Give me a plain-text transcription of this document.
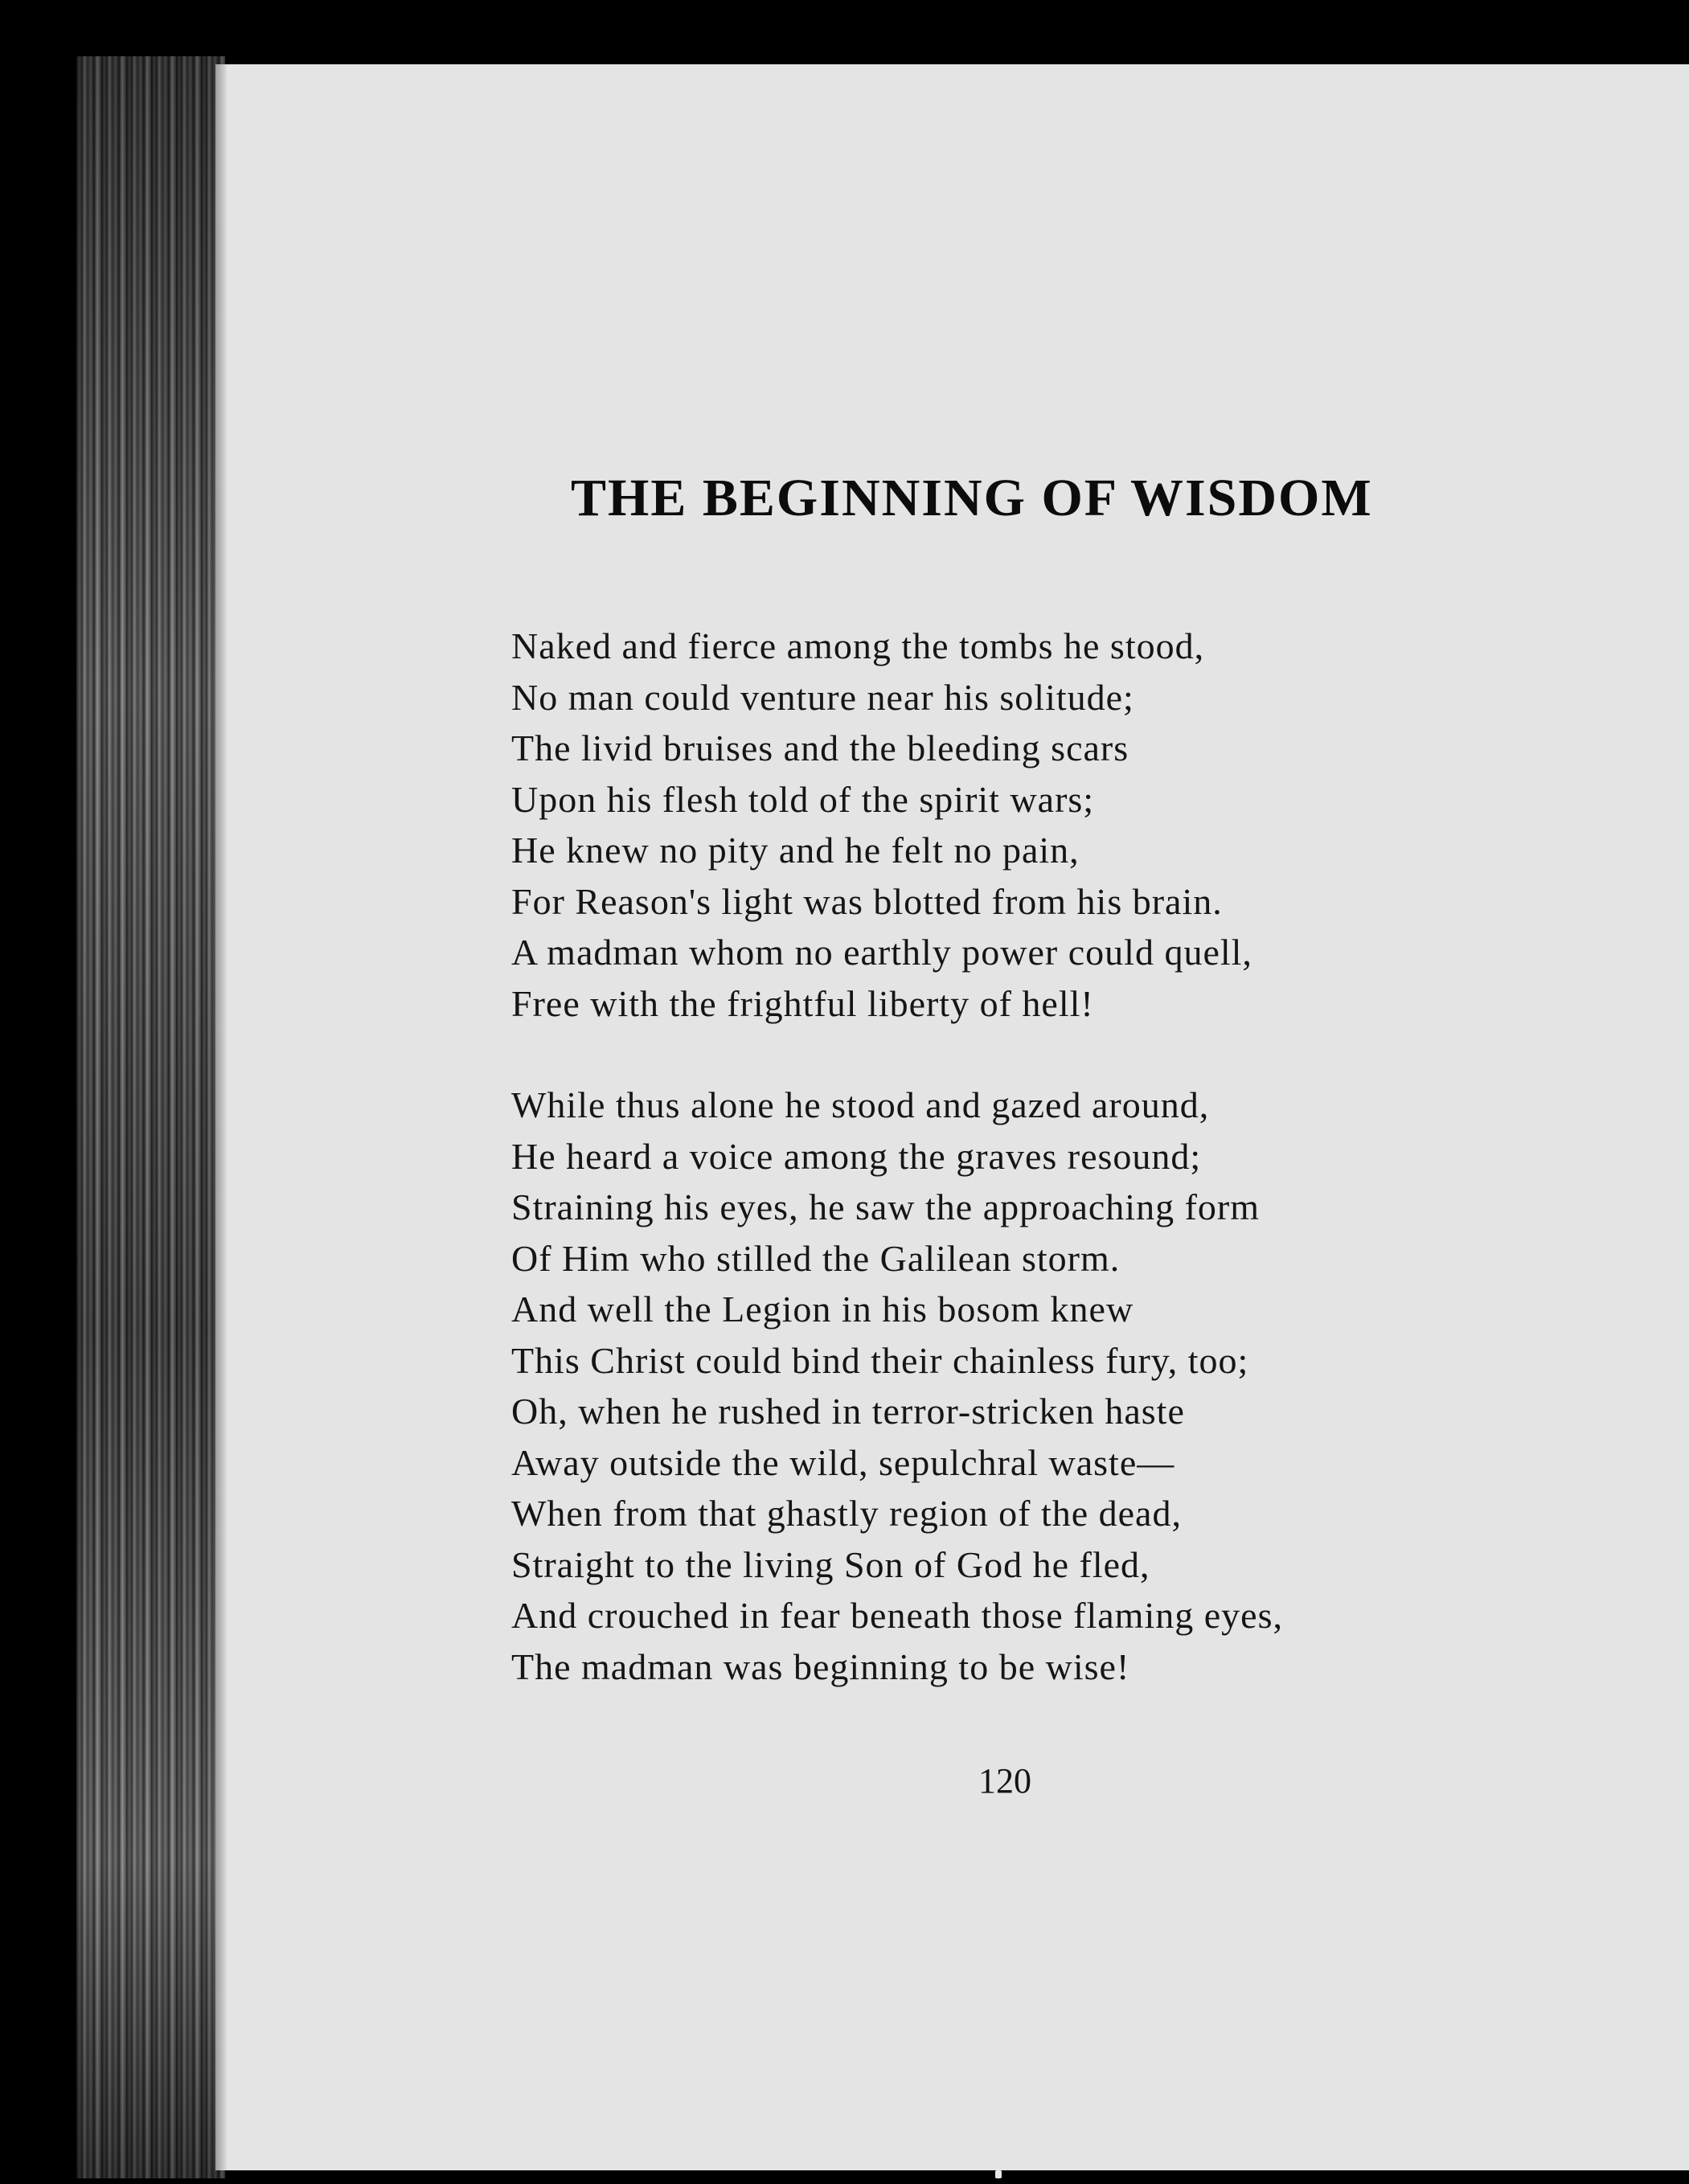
THE BEGINNING OF WISDOM

Naked and fierce among the tombs he stood,
No man could venture near his solitude;
The livid bruises and the bleeding scars
Upon his flesh told of the spirit wars;
He knew no pity and he felt no pain,
For Reason's light was blotted from his brain.
A madman whom no earthly power could quell,
Free with the frightful liberty of hell!

While thus alone he stood and gazed around,
He heard a voice among the graves resound;
Straining his eyes, he saw the approaching form
Of Him who stilled the Galilean storm.
And well the Legion in his bosom knew
This Christ could bind their chainless fury, too;
Oh, when he rushed in terror-stricken haste
Away outside the wild, sepulchral waste—
When from that ghastly region of the dead,
Straight to the living Son of God he fled,
And crouched in fear beneath those flaming eyes,
The madman was beginning to be wise!

120
